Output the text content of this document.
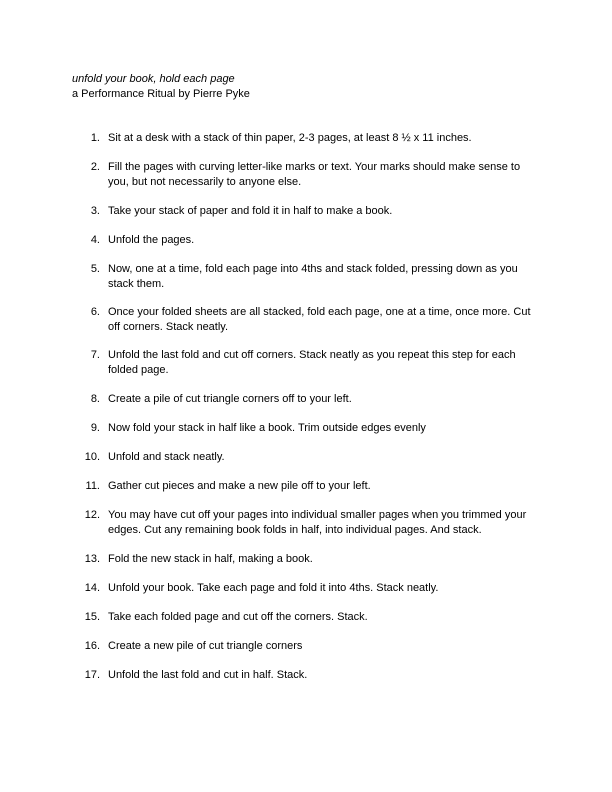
unfold your book, hold each page
a Performance Ritual by Pierre Pyke
1. Sit at a desk with a stack of thin paper, 2-3 pages, at least 8 ½ x 11 inches.
2. Fill the pages with curving letter-like marks or text. Your marks should make sense to you, but not necessarily to anyone else.
3. Take your stack of paper and fold it in half to make a book.
4. Unfold the pages.
5. Now, one at a time, fold each page into 4ths and stack folded, pressing down as you stack them.
6. Once your folded sheets are all stacked, fold each page, one at a time, once more. Cut off corners. Stack neatly.
7. Unfold the last fold and cut off corners. Stack neatly as you repeat this step for each folded page.
8. Create a pile of cut triangle corners off to your left.
9. Now fold your stack in half like a book. Trim outside edges evenly
10. Unfold and stack neatly.
11. Gather cut pieces and make a new pile off to your left.
12. You may have cut off your pages into individual smaller pages when you trimmed your edges. Cut any remaining book folds in half, into individual pages. And stack.
13. Fold the new stack in half, making a book.
14. Unfold your book. Take each page and fold it into 4ths. Stack neatly.
15. Take each folded page and cut off the corners. Stack.
16. Create a new pile of cut triangle corners
17. Unfold the last fold and cut in half. Stack.
